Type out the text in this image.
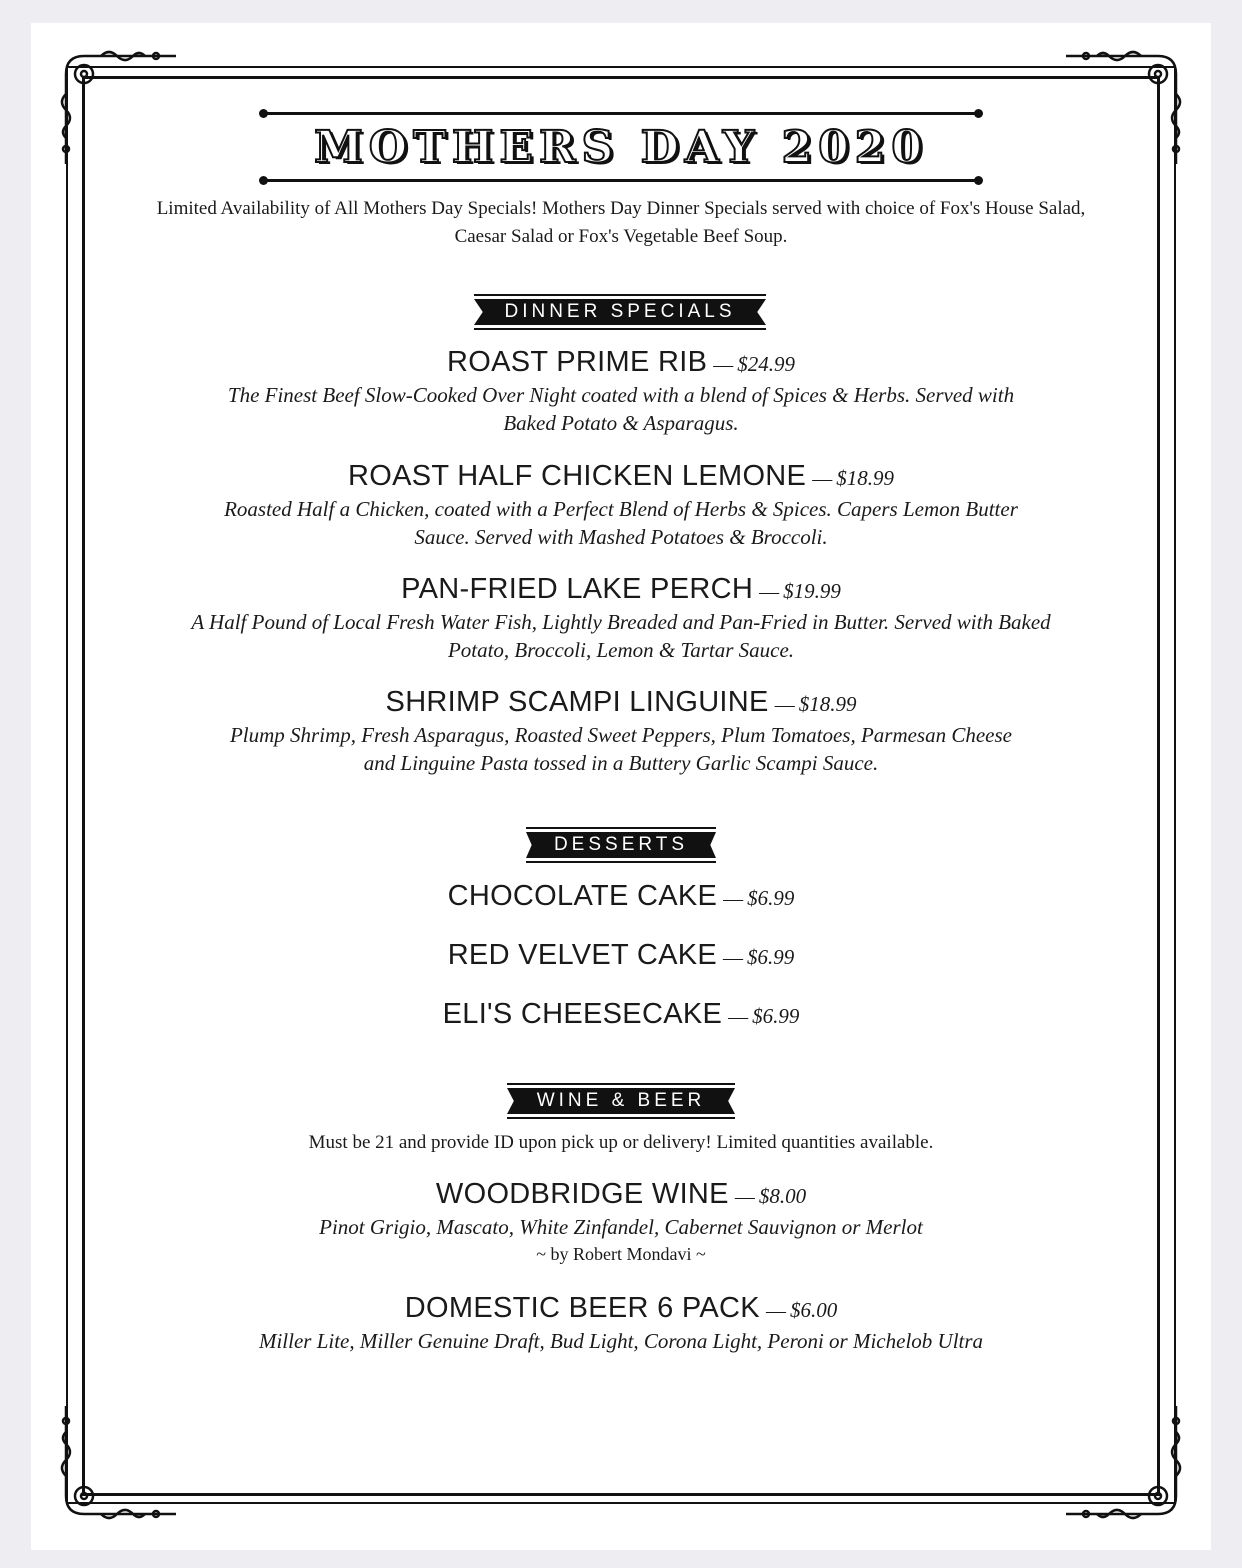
MOTHERS DAY 2020
Limited Availability of All Mothers Day Specials! Mothers Day Dinner Specials served with choice of Fox's House Salad, Caesar Salad or Fox's Vegetable Beef Soup.
DINNER SPECIALS
ROAST PRIME RIB — $24.99
The Finest Beef Slow-Cooked Over Night coated with a blend of Spices & Herbs. Served with Baked Potato & Asparagus.
ROAST HALF CHICKEN LEMONE — $18.99
Roasted Half a Chicken, coated with a Perfect Blend of Herbs & Spices. Capers Lemon Butter Sauce. Served with Mashed Potatoes & Broccoli.
PAN-FRIED LAKE PERCH — $19.99
A Half Pound of Local Fresh Water Fish, Lightly Breaded and Pan-Fried in Butter. Served with Baked Potato, Broccoli, Lemon & Tartar Sauce.
SHRIMP SCAMPI LINGUINE — $18.99
Plump Shrimp, Fresh Asparagus, Roasted Sweet Peppers, Plum Tomatoes, Parmesan Cheese and Linguine Pasta tossed in a Buttery Garlic Scampi Sauce.
DESSERTS
CHOCOLATE CAKE — $6.99
RED VELVET CAKE — $6.99
ELI'S CHEESECAKE — $6.99
WINE & BEER
Must be 21 and provide ID upon pick up or delivery! Limited quantities available.
WOODBRIDGE WINE — $8.00
Pinot Grigio, Mascato, White Zinfandel, Cabernet Sauvignon or Merlot
~ by Robert Mondavi ~
DOMESTIC BEER 6 PACK — $6.00
Miller Lite, Miller Genuine Draft, Bud Light, Corona Light, Peroni or Michelob Ultra
